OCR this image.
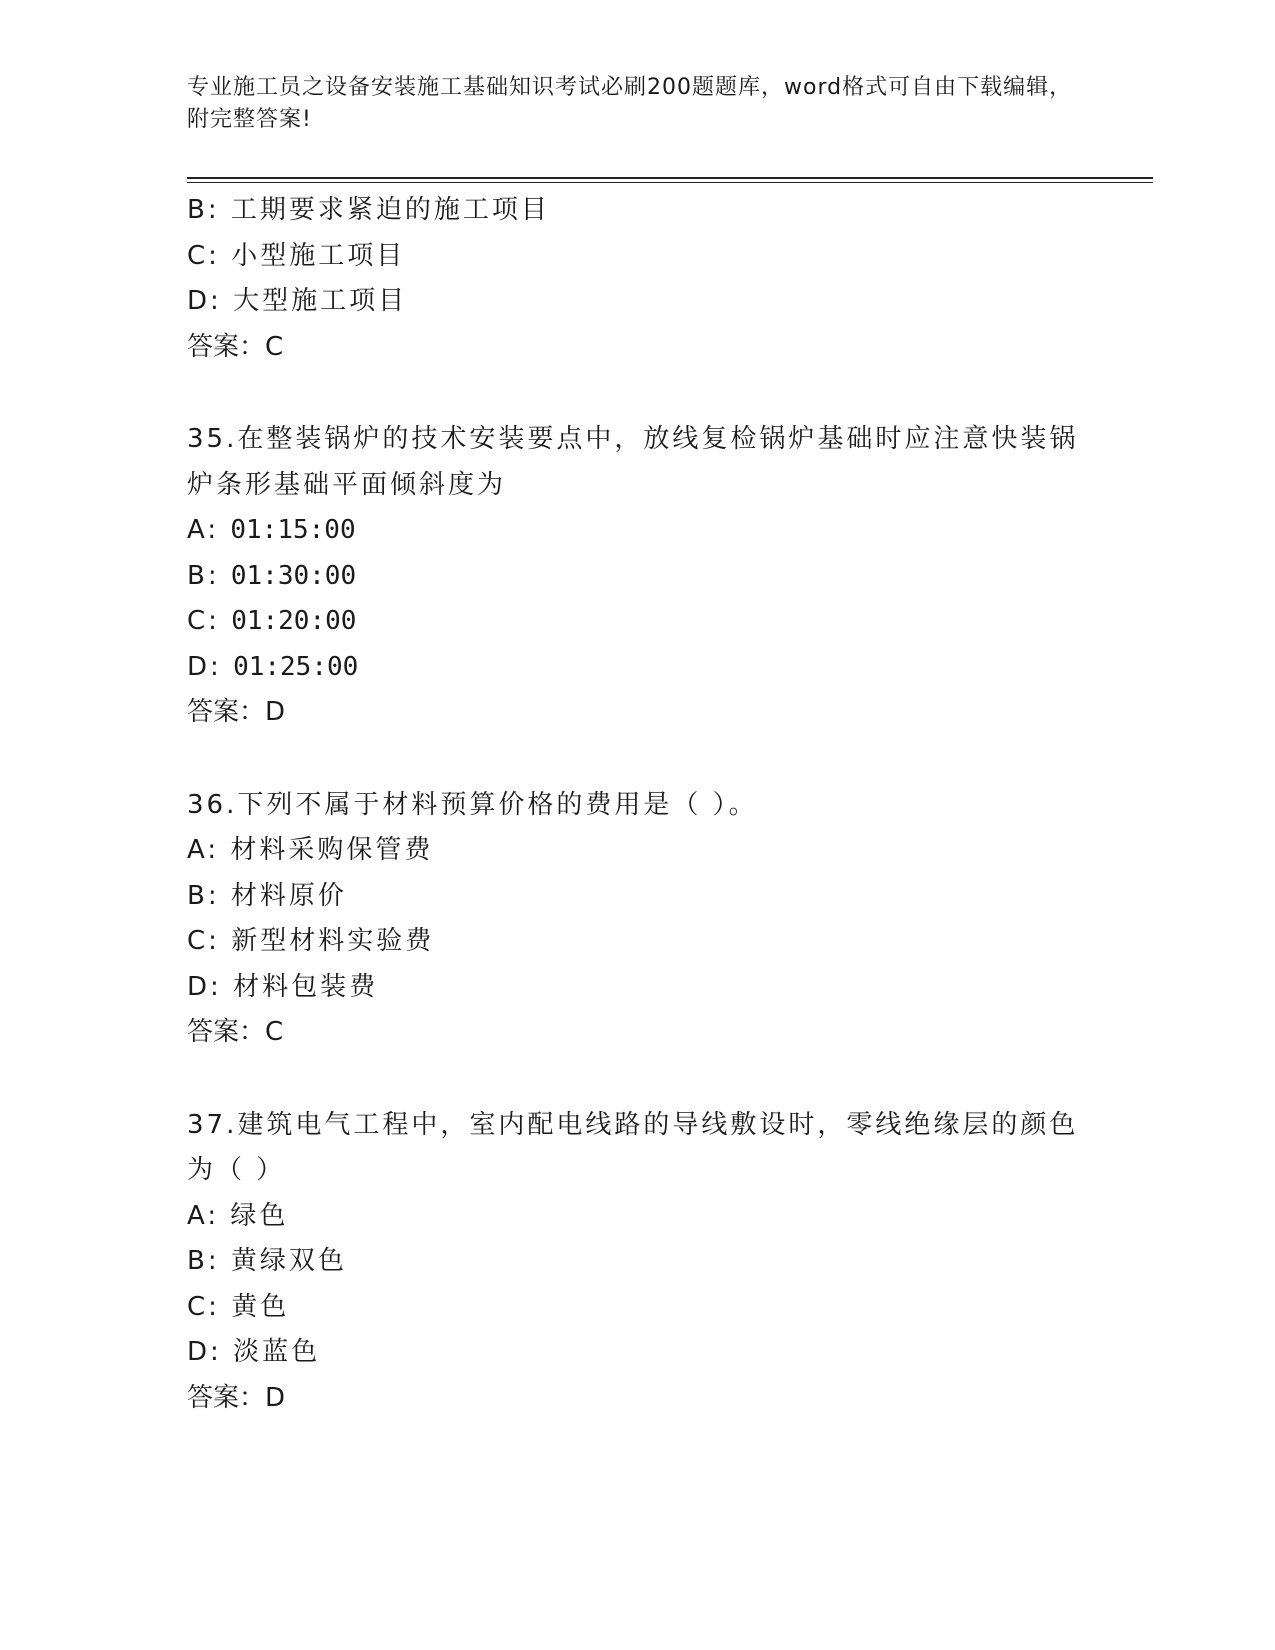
专业施工员之设备安装施工基础知识考试必刷200题题库，word格式可自由下载编辑，附完整答案!
B: 工期要求紧迫的施工项目
C: 小型施工项目
D: 大型施工项目
答案：C
35.在整装锅炉的技术安装要点中，放线复检锅炉基础时应注意快装锅炉条形基础平面倾斜度为
A: 01:15:00
B: 01:30:00
C: 01:20:00
D: 01:25:00
答案：D
36.下列不属于材料预算价格的费用是（ ）。
A: 材料采购保管费
B: 材料原价
C: 新型材料实验费
D: 材料包装费
答案：C
37.建筑电气工程中，室内配电线路的导线敷设时，零线绝缘层的颜色为（ ）
A: 绿色
B: 黄绿双色
C: 黄色
D: 淡蓝色
答案：D
